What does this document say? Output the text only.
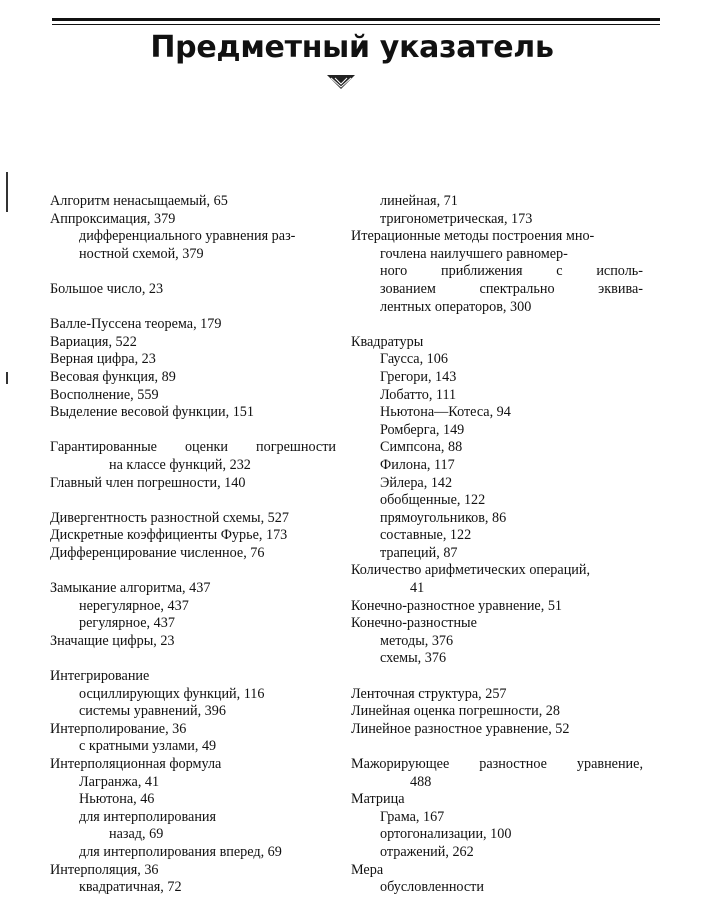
Предметный указатель
Алгоритм ненасыщаемый, 65
Аппроксимация, 379
дифференциального уравнения раз-
ностной схемой, 379
Большое число, 23
Валле-Пуссена теорема, 179
Вариация, 522
Верная цифра, 23
Весовая функция, 89
Восполнение, 559
Выделение весовой функции, 151
Гарантированные оценки погрешности
на классе функций, 232
Главный член погрешности, 140
Дивергентность разностной схемы, 527
Дискретные коэффициенты Фурье, 173
Дифференцирование численное, 76
Замыкание алгоритма, 437
нерегулярное, 437
регулярное, 437
Значащие цифры, 23
Интегрирование
осциллирующих функций, 116
системы уравнений, 396
Интерполирование, 36
с кратными узлами, 49
Интерполяционная формула
Лагранжа, 41
Ньютона, 46
для интерполирования
назад, 69
для интерполирования вперед, 69
Интерполяция, 36
квадратичная, 72
линейная, 71
тригонометрическая, 173
Итерационные методы построения мно-
гочлена наилучшего равномер-
ного приближения с исполь-
зованием спектрально эквива-
лентных операторов, 300
Квадратуры
Гаусса, 106
Грегори, 143
Лобатто, 111
Ньютона—Котеса, 94
Ромберга, 149
Симпсона, 88
Филона, 117
Эйлера, 142
обобщенные, 122
прямоугольников, 86
составные, 122
трапеций, 87
Количество арифметических операций,
41
Конечно-разностное уравнение, 51
Конечно-разностные
методы, 376
схемы, 376
Ленточная структура, 257
Линейная оценка погрешности, 28
Линейное разностное уравнение, 52
Мажорирующее разностное уравнение,
488
Матрица
Грама, 167
ортогонализации, 100
отражений, 262
Мера
обусловленности
